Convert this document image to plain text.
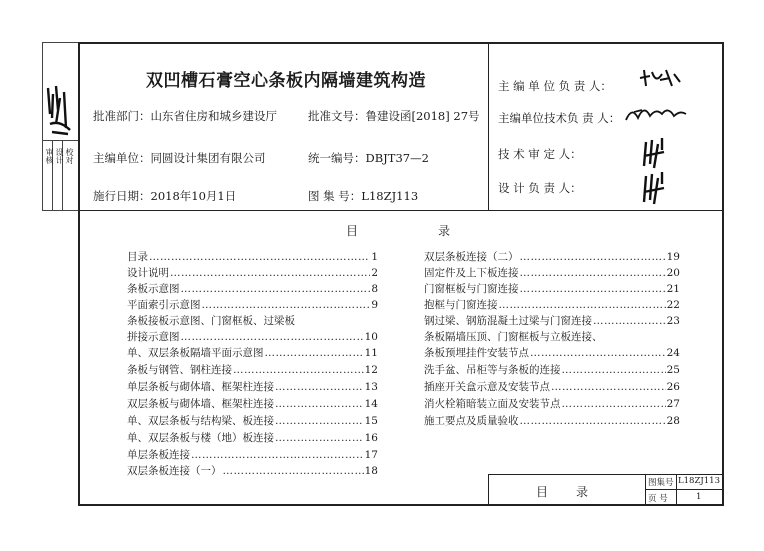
审核 设计 校对
双凹槽石膏空心条板内隔墙建筑构造
批准部门：山东省住房和城乡建设厅	批准文号：鲁建设函[2018] 27号
主编单位：同圆设计集团有限公司	统一编号：DBJT37—2
施行日期：2018年10月1日	图 集 号：L18ZJ113
主 编 单 位 负 责 人：
主编单位技术负 责 人：
技 术 审 定 人：
设 计 负 责 人：
目	录
目录 ……………………………………………………………………………………………………………	1
设计说明 ……………………………………………………………………………………………………………	2
条板示意图 ……………………………………………………………………………………………………………	8
平面索引示意图 ……………………………………………………………………………………………………………	9
条板接板示意图、门窗框板、过梁板
拼接示意图 ……………………………………………………………………………………………………………	10
单、双层条板隔墙平面示意图 ……………………………………………………………………………………………………………	11
条板与钢管、钢柱连接 ……………………………………………………………………………………………………………	12
单层条板与砌体墙、框架柱连接 ……………………………………………………………………………………………………………	13
双层条板与砌体墙、框架柱连接 ……………………………………………………………………………………………………………	14
单、双层条板与结构梁、板连接 ……………………………………………………………………………………………………………	15
单、双层条板与楼（地）板连接 ……………………………………………………………………………………………………………	16
单层条板连接 ……………………………………………………………………………………………………………	17
双层条板连接（一） ……………………………………………………………………………………………………………	18
双层条板连接（二） ……………………………………………………………………………………………………………	19
固定件及上下板连接 ……………………………………………………………………………………………………………	20
门窗框板与门窗连接 ……………………………………………………………………………………………………………	21
抱框与门窗连接 ……………………………………………………………………………………………………………	22
钢过梁、钢筋混凝土过梁与门窗连接 ……………………………………………………………………………………………………………	23
条板隔墙压顶、门窗框板与立板连接、
条板预埋挂件安装节点 ……………………………………………………………………………………………………………	24
洗手盆、吊柜等与条板的连接 ……………………………………………………………………………………………………………	25
插座开关盒示意及安装节点 ……………………………………………………………………………………………………………	26
消火栓箱暗装立面及安装节点 ……………………………………………………………………………………………………………	27
施工要点及质量验收 ……………………………………………………………………………………………………………	28
目 录
图集号 L18ZJ113
页 号	1
